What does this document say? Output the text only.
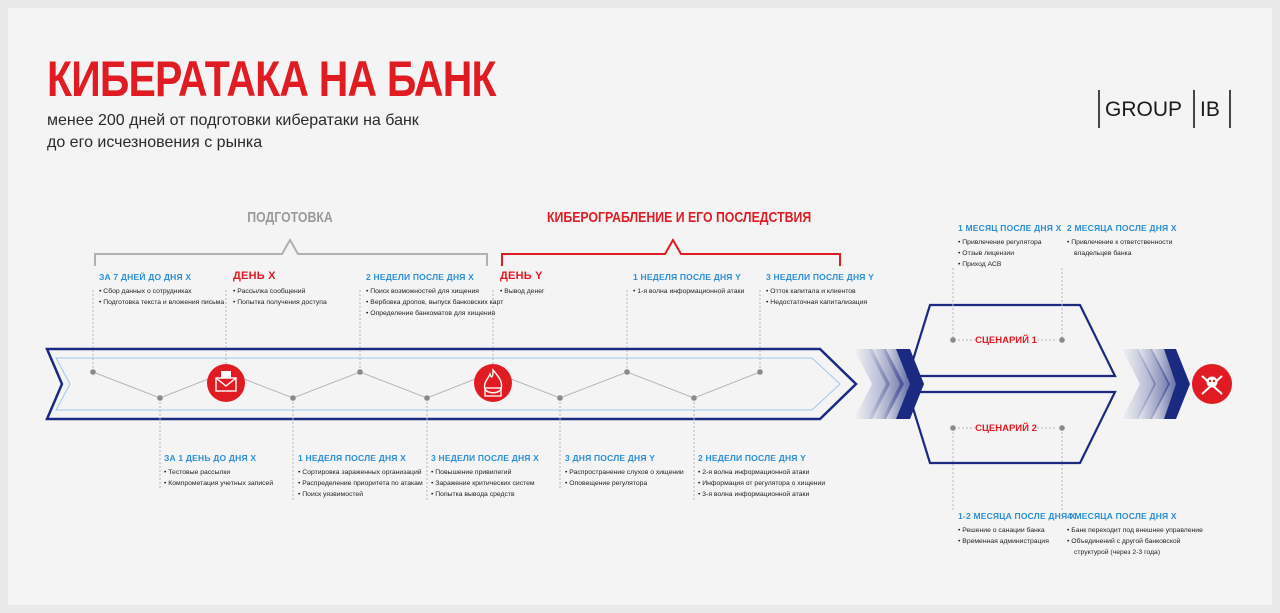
КИБЕРАТАКА НА БАНК
менее 200 дней от подготовки кибератаки на банк
до его исчезновения с рынка
GROUP IB
ПОДГОТОВКА	КИБЕРОГРАБЛЕНИЕ И ЕГО ПОСЛЕДСТВИЯ
ЗА 7 ДНЕЙ ДО ДНЯ Х
• Сбор данных о сотрудниках
• Подготовка текста и вложения письма
ДЕНЬ Х
• Рассылка сообщений
• Попытка получения доступа
2 НЕДЕЛИ ПОСЛЕ ДНЯ Х
• Поиск возможностей для хищения
• Вербовка дропов, выпуск банковских карт
• Определение банкоматов для хищения
ДЕНЬ Y
• Вывод денег
1 НЕДЕЛЯ ПОСЛЕ ДНЯ Y
• 1-я волна информационной атаки
3 НЕДЕЛИ ПОСЛЕ ДНЯ Y
• Отток капитала и клиентов
• Недостаточная капитализация
ЗА 1 ДЕНЬ ДО ДНЯ Х
• Тестовые рассылки
• Компрометация учетных записей
1 НЕДЕЛЯ ПОСЛЕ ДНЯ Х
• Сортировка зараженных организаций
• Распределение приоритета по атакам
• Поиск уязвимостей
3 НЕДЕЛИ ПОСЛЕ ДНЯ Х
• Повышение привилегий
• Заражение критических систем
• Попытка вывода средств
3 ДНЯ ПОСЛЕ ДНЯ Y
• Распространение слухов о хищении
• Оповещение регулятора
2 НЕДЕЛИ ПОСЛЕ ДНЯ Y
• 2-я волна информационной атаки
• Информация от регулятора о хищении
• 3-я волна информационной атаки
СЦЕНАРИЙ 1
СЦЕНАРИЙ 2
1 МЕСЯЦ ПОСЛЕ ДНЯ Х
• Привлечение регулятора
• Отзыв лицензии
• Приход АСВ
2 МЕСЯЦА ПОСЛЕ ДНЯ Х
• Привлечение к ответственности
владельцев банка
1-2 МЕСЯЦА ПОСЛЕ ДНЯ Х
• Решение о санации банка
• Временная администрация
4 МЕСЯЦА ПОСЛЕ ДНЯ Х
• Банк переходит под внешнее управление
• Объединений с другой банковской
структурой (через 2-3 года)
